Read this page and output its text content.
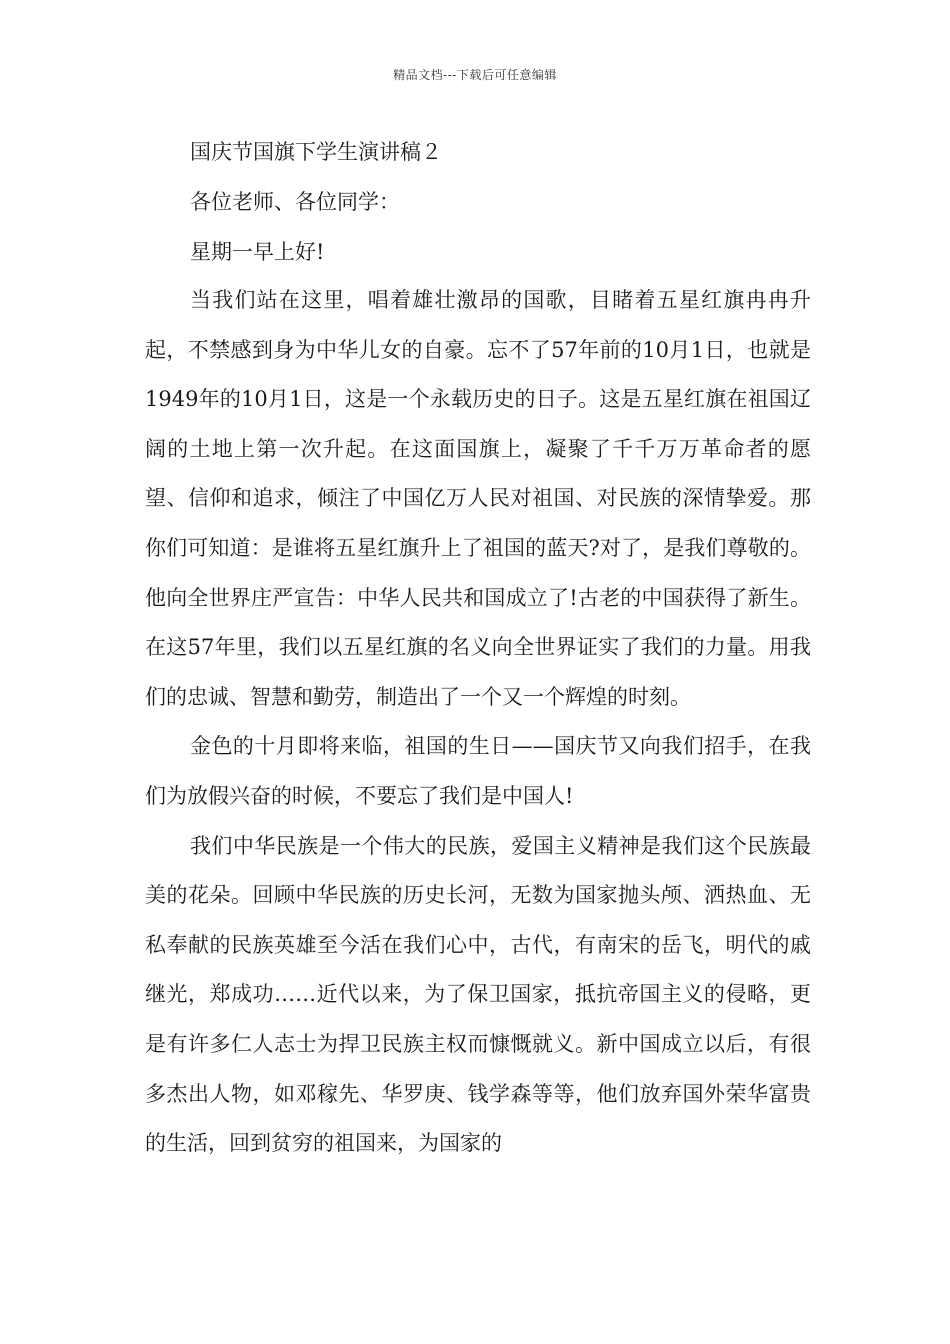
精品文档---下载后可任意编辑
国庆节国旗下学生演讲稿２
各位老师、各位同学：
星期一早上好!

当我们站在这里，唱着雄壮激昂的国歌，目睹着五星红旗冉冉升起，不禁感到身为中华儿女的自豪。忘不了57年前的10月1日，也就是1949年的10月1日，这是一个永载历史的日子。这是五星红旗在祖国辽阔的土地上第一次升起。在这面国旗上，凝聚了千千万万革命者的愿望、信仰和追求，倾注了中国亿万人民对祖国、对民族的深情挚爱。那你们可知道：是谁将五星红旗升上了祖国的蓝天?对了，是我们尊敬的。他向全世界庄严宣告：中华人民共和国成立了!古老的中国获得了新生。在这57年里，我们以五星红旗的名义向全世界证实了我们的力量。用我们的忠诚、智慧和勤劳，制造出了一个又一个辉煌的时刻。

金色的十月即将来临，祖国的生日——国庆节又向我们招手，在我们为放假兴奋的时候，不要忘了我们是中国人!

我们中华民族是一个伟大的民族，爱国主义精神是我们这个民族最美的花朵。回顾中华民族的历史长河，无数为国家抛头颅、洒热血、无私奉献的民族英雄至今活在我们心中，古代，有南宋的岳飞，明代的戚继光，郑成功……近代以来，为了保卫国家，抵抗帝国主义的侵略，更是有许多仁人志士为捍卫民族主权而慷慨就义。新中国成立以后，有很多杰出人物，如邓稼先、华罗庚、钱学森等等，他们放弃国外荣华富贵的生活，回到贫穷的祖国来，为国家的
